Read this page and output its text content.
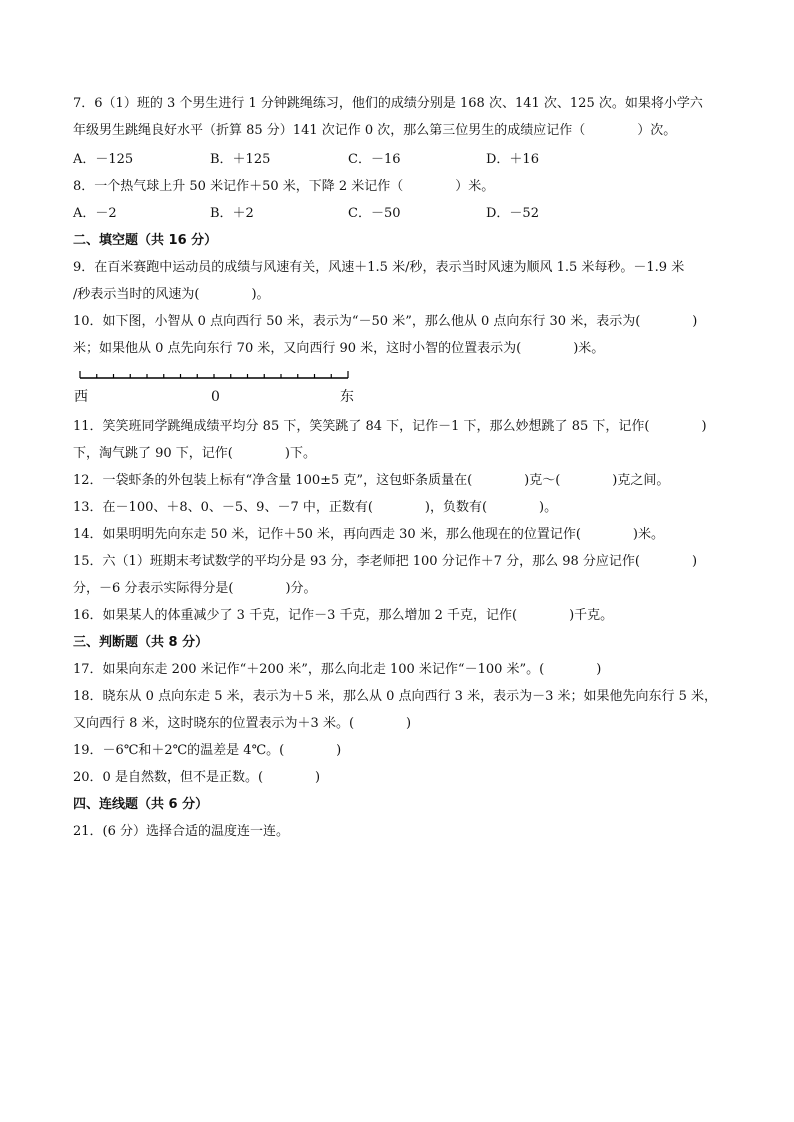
7．6（1）班的 3 个男生进行 1 分钟跳绳练习，他们的成绩分别是 168 次、141 次、125 次。如果将小学六
年级男生跳绳良好水平（折算 85 分）141 次记作 0 次，那么第三位男生的成绩应记作（　　　　）次。
A．－125	B．＋125	C．－16	D．＋16
8．一个热气球上升 50 米记作＋50 米，下降 2 米记作（　　　　）米。
A．－2	B．＋2	C．－50	D．－52
二、填空题（共 16 分）
9．在百米赛跑中运动员的成绩与风速有关，风速＋1.5 米/秒，表示当时风速为顺风 1.5 米每秒。－1.9 米
/秒表示当时的风速为(　　　　)。
10．如下图，小智从 0 点向西行 50 米，表示为“－50 米”，那么他从 0 点向东行 30 米，表示为(　　　　)
米；如果他从 0 点先向东行 70 米，又向西行 90 米，这时小智的位置表示为(　　　　)米。
西	0	东
11．笑笑班同学跳绳成绩平均分 85 下，笑笑跳了 84 下，记作－1 下，那么妙想跳了 85 下，记作(　　　　)
下，淘气跳了 90 下，记作(　　　　)下。
12．一袋虾条的外包装上标有“净含量 100±5 克”，这包虾条质量在(　　　　)克～(　　　　)克之间。
13．在－100、＋8、0、－5、9、－7 中，正数有(　　　　)，负数有(　　　　)。
14．如果明明先向东走 50 米，记作＋50 米，再向西走 30 米，那么他现在的位置记作(　　　　)米。
15．六（1）班期末考试数学的平均分是 93 分，李老师把 100 分记作＋7 分，那么 98 分应记作(　　　　)
分，－6 分表示实际得分是(　　　　)分。
16．如果某人的体重减少了 3 千克，记作－3 千克，那么增加 2 千克，记作(　　　　)千克。
三、判断题（共 8 分）
17．如果向东走 200 米记作“＋200 米”，那么向北走 100 米记作“－100 米”。(　　　　)
18．晓东从 0 点向东走 5 米，表示为＋5 米，那么从 0 点向西行 3 米，表示为－3 米；如果他先向东行 5 米，
又向西行 8 米，这时晓东的位置表示为＋3 米。(　　　　)
19．－6℃和＋2℃的温差是 4℃。(　　　　)
20．0 是自然数，但不是正数。(　　　　)
四、连线题（共 6 分）
21．(6 分）选择合适的温度连一连。
